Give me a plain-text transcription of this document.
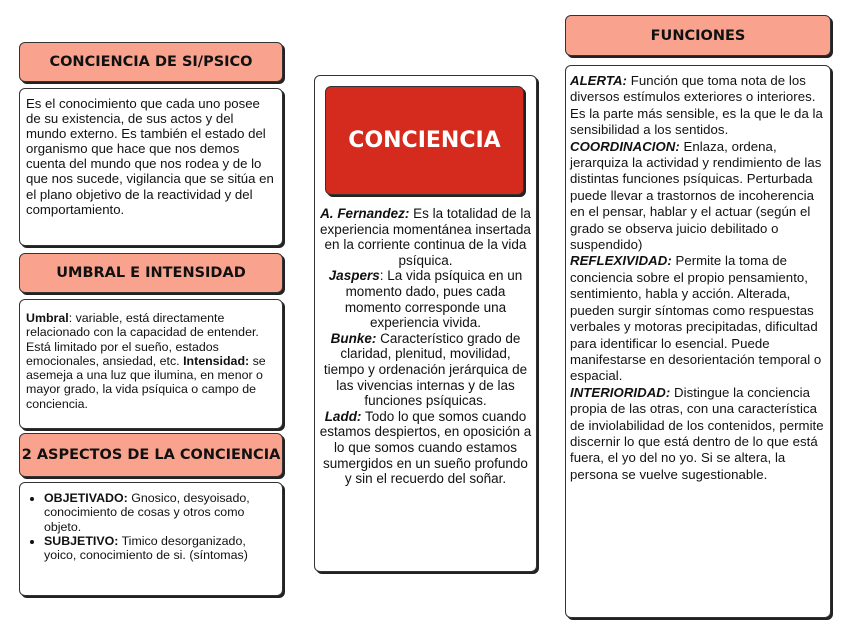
CONCIENCIA DE SI/PSICO
Es el conocimiento que cada uno posee de su existencia, de sus actos y del mundo externo. Es también el estado del organismo que hace que nos demos cuenta del mundo que nos rodea y de lo que nos sucede, vigilancia que se sitúa en el plano objetivo de la reactividad y del comportamiento.
UMBRAL E INTENSIDAD
Umbral: variable, está directamente relacionado con la capacidad de entender. Está limitado por el sueño, estados emocionales, ansiedad, etc. Intensidad: se asemeja a una luz que ilumina, en menor o mayor grado, la vida psíquica o campo de conciencia.
2 ASPECTOS DE LA CONCIENCIA
• OBJETIVADO: Gnosico, desyoisado, conocimiento de cosas y otros como objeto.
• SUBJETIVO: Timico desorganizado, yoico, conocimiento de si. (síntomas)
CONCIENCIA
A. Fernandez: Es la totalidad de la experiencia momentánea insertada en la corriente continua de la vida psíquica.
Jaspers: La vida psíquica en un momento dado, pues cada momento corresponde una experiencia vivida.
Bunke: Característico grado de claridad, plenitud, movilidad, tiempo y ordenación jerárquica de las vivencias internas y de las funciones psíquicas.
Ladd: Todo lo que somos cuando estamos despiertos, en oposición a lo que somos cuando estamos sumergidos en un sueño profundo y sin el recuerdo del soñar.
FUNCIONES
ALERTA: Función que toma nota de los diversos estímulos exteriores o interiores. Es la parte más sensible, es la que le da la sensibilidad a los sentidos.
COORDINACION: Enlaza, ordena, jerarquiza la actividad y rendimiento de las distintas funciones psíquicas. Perturbada puede llevar a trastornos de incoherencia en el pensar, hablar y el actuar (según el grado se observa juicio debilitado o suspendido)
REFLEXIVIDAD: Permite la toma de conciencia sobre el propio pensamiento, sentimiento, habla y acción. Alterada, pueden surgir síntomas como respuestas verbales y motoras precipitadas, dificultad para identificar lo esencial. Puede manifestarse en desorientación temporal o espacial.
INTERIORIDAD: Distingue la conciencia propia de las otras, con una característica de inviolabilidad de los contenidos, permite discernir lo que está dentro de lo que está fuera, el yo del no yo. Si se altera, la persona se vuelve sugestionable.
